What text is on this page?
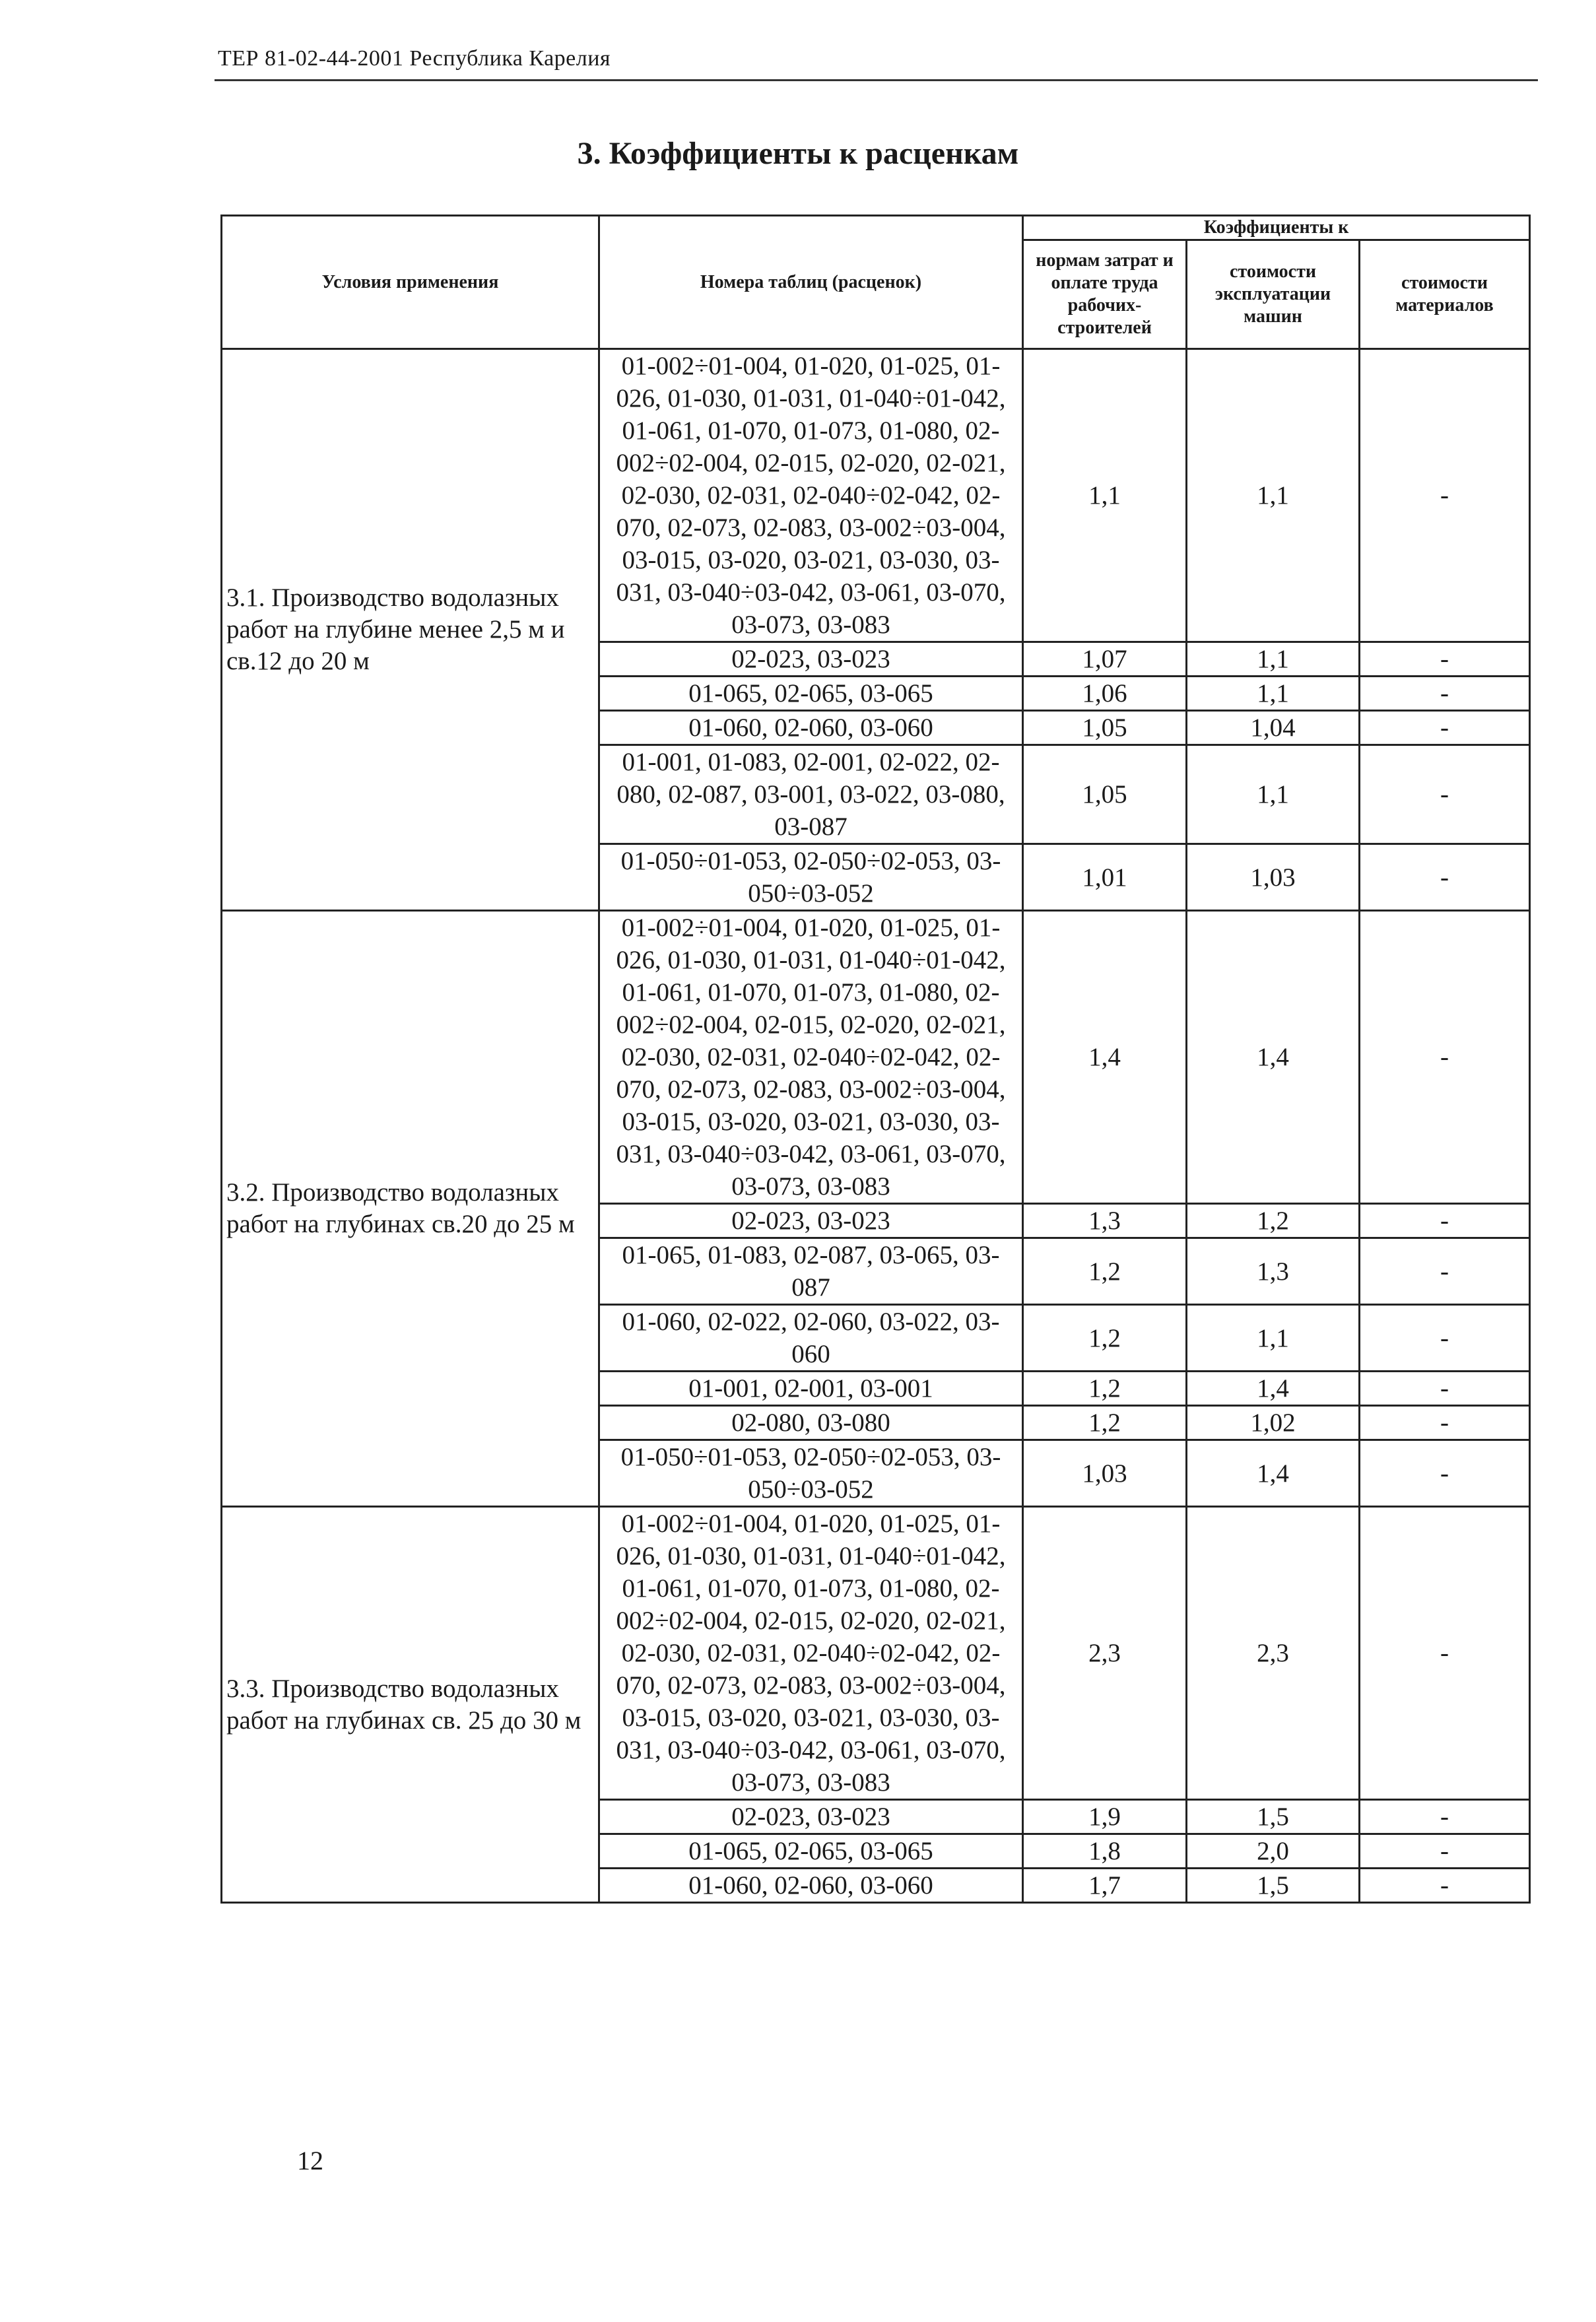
ТЕР 81-02-44-2001 Республика Карелия
3. Коэффициенты к расценкам
Условия применения	Номера таблиц (расценок)	Коэффициенты к		
		нормам затрат и оплате труда рабочих-строителей	стоимости эксплуатации машин	стоимости материалов
3.1. Производство водолазных работ на глубине менее 2,5 м и св.12 до 20 м	01-002÷01-004, 01-020, 01-025, 01-026, 01-030, 01-031, 01-040÷01-042, 01-061, 01-070, 01-073, 01-080, 02-002÷02-004, 02-015, 02-020, 02-021, 02-030, 02-031, 02-040÷02-042, 02-070, 02-073, 02-083, 03-002÷03-004, 03-015, 03-020, 03-021, 03-030, 03-031, 03-040÷03-042, 03-061, 03-070, 03-073, 03-083	1,1	1,1	-
	02-023, 03-023	1,07	1,1	-
	01-065, 02-065, 03-065	1,06	1,1	-
	01-060, 02-060, 03-060	1,05	1,04	-
	01-001, 01-083, 02-001, 02-022, 02-080, 02-087, 03-001, 03-022, 03-080, 03-087	1,05	1,1	-
	01-050÷01-053, 02-050÷02-053, 03-050÷03-052	1,01	1,03	-
3.2. Производство водолазных работ на глубинах св.20 до 25 м	01-002÷01-004, 01-020, 01-025, 01-026, 01-030, 01-031, 01-040÷01-042, 01-061, 01-070, 01-073, 01-080, 02-002÷02-004, 02-015, 02-020, 02-021, 02-030, 02-031, 02-040÷02-042, 02-070, 02-073, 02-083, 03-002÷03-004, 03-015, 03-020, 03-021, 03-030, 03-031, 03-040÷03-042, 03-061, 03-070, 03-073, 03-083	1,4	1,4	-
	02-023, 03-023	1,3	1,2	-
	01-065, 01-083, 02-087, 03-065, 03-087	1,2	1,3	-
	01-060, 02-022, 02-060, 03-022, 03-060	1,2	1,1	-
	01-001, 02-001, 03-001	1,2	1,4	-
	02-080, 03-080	1,2	1,02	-
	01-050÷01-053, 02-050÷02-053, 03-050÷03-052	1,03	1,4	-
3.3. Производство водолазных работ на глубинах св. 25 до 30 м	01-002÷01-004, 01-020, 01-025, 01-026, 01-030, 01-031, 01-040÷01-042, 01-061, 01-070, 01-073, 01-080, 02-002÷02-004, 02-015, 02-020, 02-021, 02-030, 02-031, 02-040÷02-042, 02-070, 02-073, 02-083, 03-002÷03-004, 03-015, 03-020, 03-021, 03-030, 03-031, 03-040÷03-042, 03-061, 03-070, 03-073, 03-083	2,3	2,3	-
	02-023, 03-023	1,9	1,5	-
	01-065, 02-065, 03-065	1,8	2,0	-
	01-060, 02-060, 03-060	1,7	1,5	-
12
